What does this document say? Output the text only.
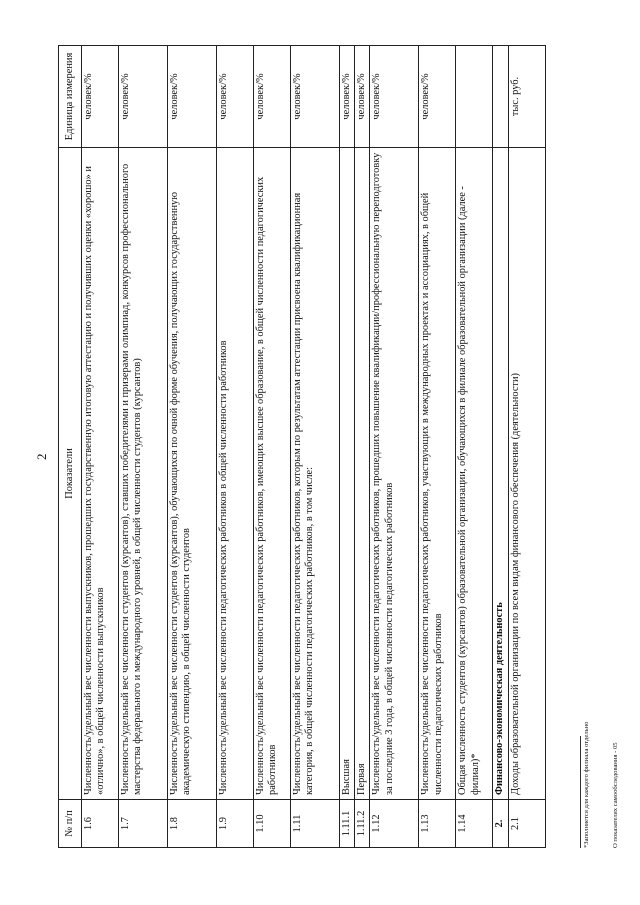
2
№ п/п	Показатели	Единица измерения
1.6	Численность/удельный вес численности выпускников, прошедших государственную итоговую аттестацию и получивших оценки «хорошо» и «отлично», в общей численности выпускников	человек/%
1.7	Численность/удельный вес численности студентов (курсантов), ставших победителями и призерами олимпиад, конкурсов профессионального мастерства федерального и международного уровней, в общей численности студентов (курсантов)	человек/%
1.8	Численность/удельный вес численности студентов (курсантов), обучающихся по очной форме обучения, получающих государственную академическую стипендию, в общей численности студентов	человек/%
1.9	Численность/удельный вес численности педагогических работников в общей численности работников	человек/%
1.10	Численность/удельный вес численности педагогических работников, имеющих высшее образование, в общей численности педагогических работников	человек/%
1.11	Численность/удельный вес численности педагогических работников, которым по результатам аттестации присвоена квалификационная категория, в общей численности педагогических работников, в том числе:	человек/%
1.11.1	Высшая	человек/%
1.11.2	Первая	человек/%
1.12	Численность/удельный вес численности педагогических работников, прошедших повышение квалификации/профессиональную переподготовку за последние 3 года, в общей численности педагогических работников	человек/%
1.13	Численность/удельный вес численности педагогических работников, участвующих в международных проектах и ассоциациях, в общей численности педагогических работников	человек/%
1.14	Общая численность студентов (курсантов) образовательной организации, обучающихся в филиале образовательной организации (далее - филиал)*	
2.	Финансово-экономическая деятельность	
2.1	Доходы образовательной организации по всем видам финансового обеспечения (деятельности)	тыс. руб.
*Заполняется для каждого филиала отдельно	О показателях самообследования - 05
